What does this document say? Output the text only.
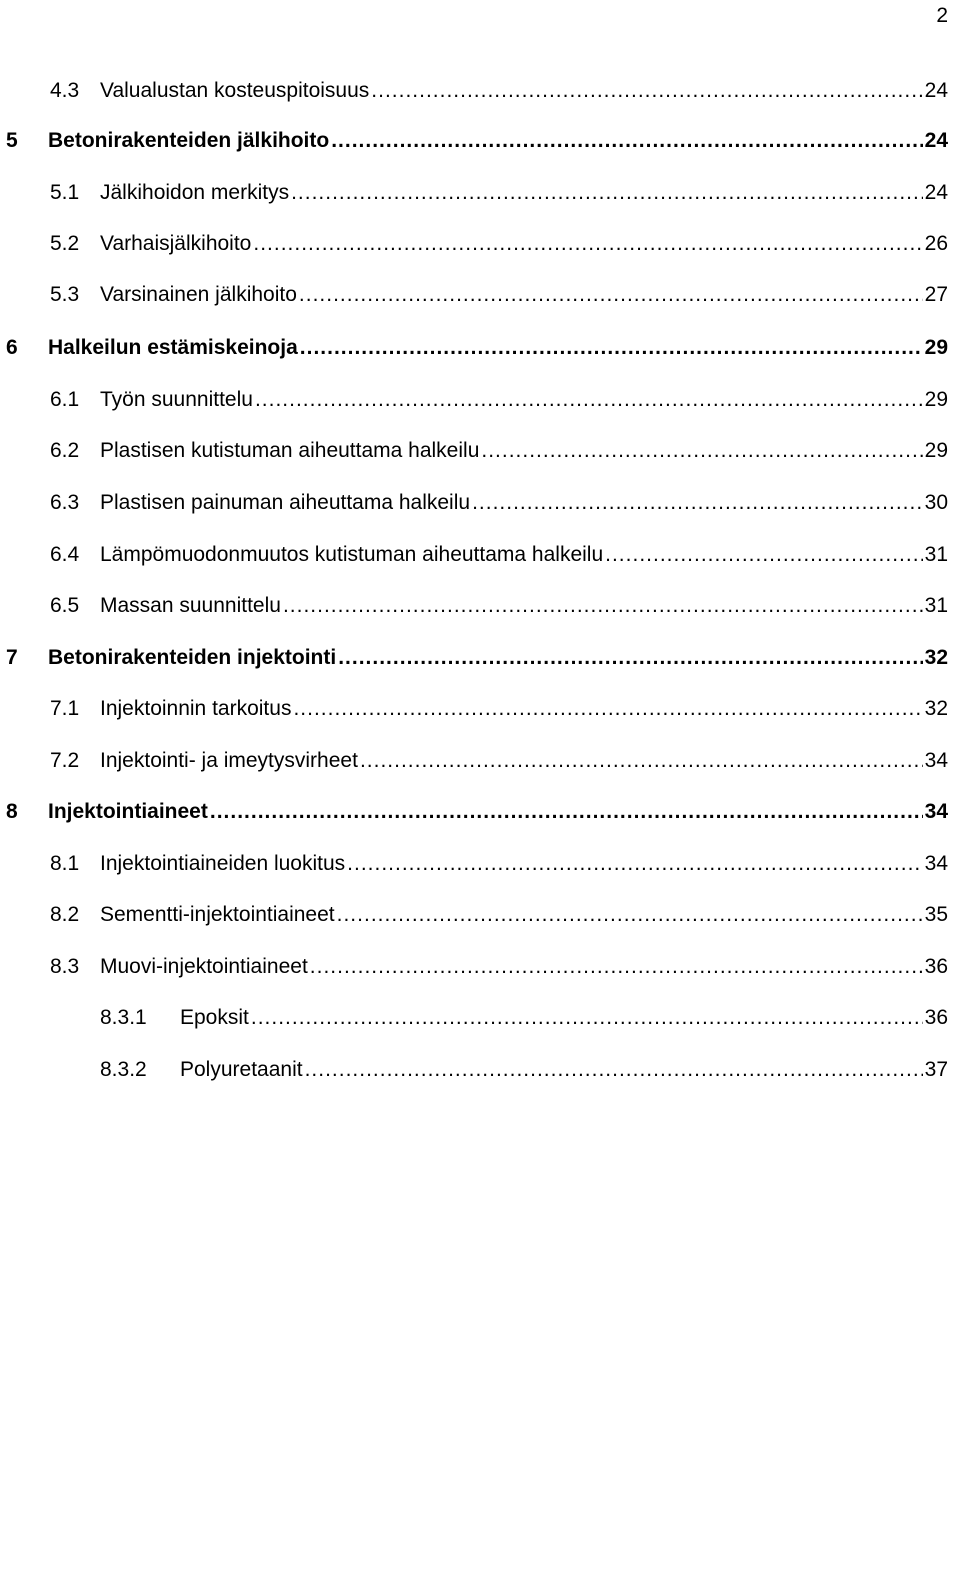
2
4.3 Valualustan kosteuspitoisuus .....	24
5	Betonirakenteiden jälkihoito .....	24
5.1 Jälkihoidon merkitys .....	24
5.2 Varhaisjälkihoito .....	26
5.3 Varsinainen jälkihoito .....	27
6	Halkeilun estämiskeinoja .....	29
6.1 Työn suunnittelu .....	29
6.2 Plastisen kutistuman aiheuttama halkeilu .....	29
6.3 Plastisen painuman aiheuttama halkeilu .....	30
6.4 Lämpömuodonmuutos kutistuman aiheuttama halkeilu .....	31
6.5 Massan suunnittelu .....	31
7	Betonirakenteiden injektointi .....	32
7.1 Injektoinnin tarkoitus .....	32
7.2 Injektointi- ja imeytysvirheet .....	34
8	Injektointiaineet .....	34
8.1 Injektointiaineiden luokitus .....	34
8.2 Sementti-injektointiaineet .....	35
8.3 Muovi-injektointiaineet .....	36
8.3.1	Epoksit .....	36
8.3.2	Polyuretaanit .....	37
